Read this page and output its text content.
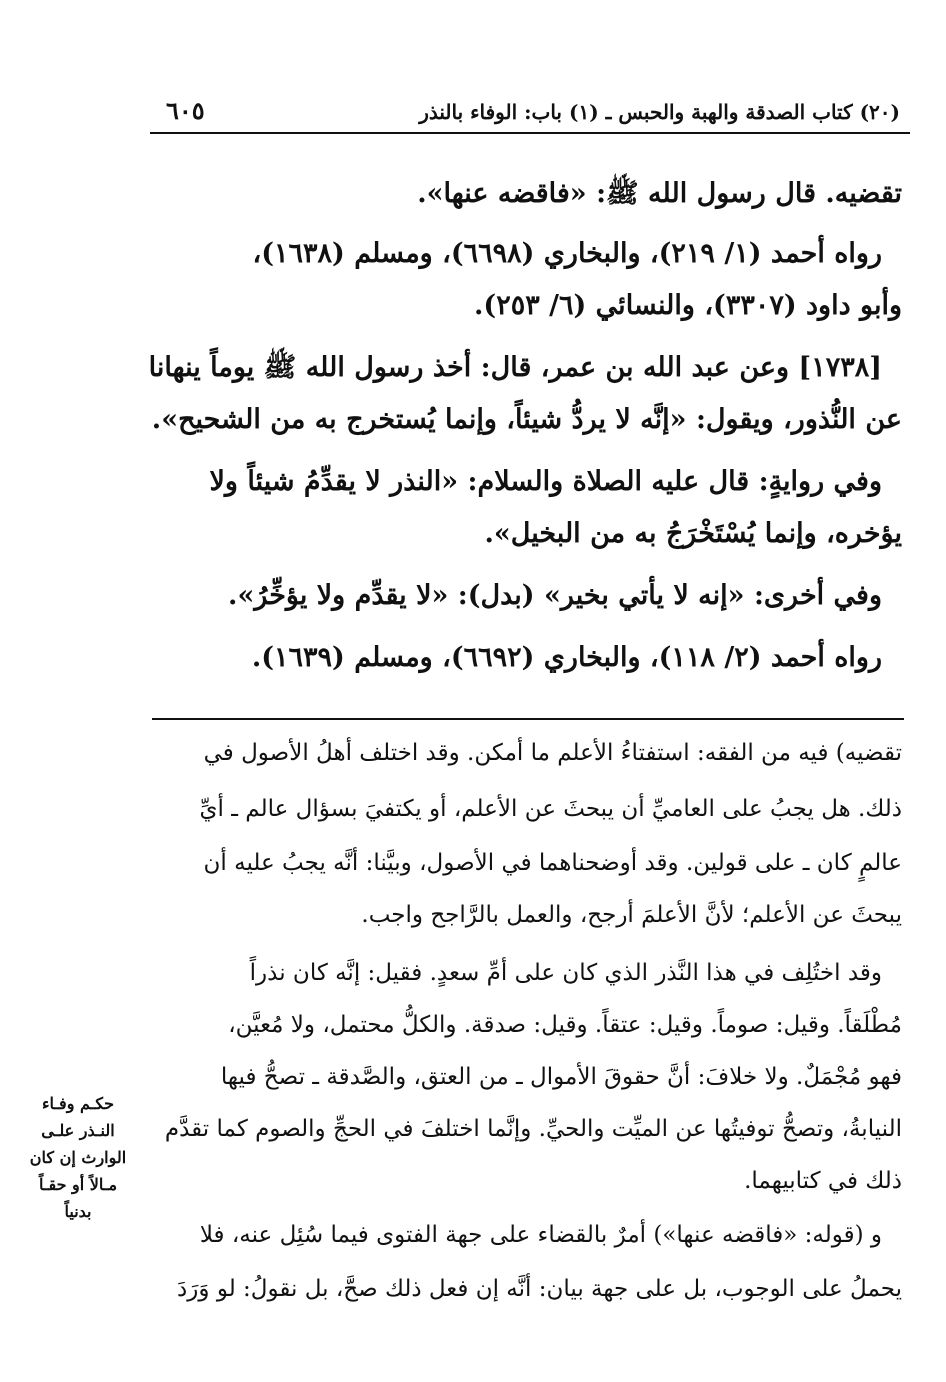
(٢٠) كتاب الصدقة والهبة والحبس ـ (١) باب: الوفاء بالنذر
٦٠٥
تقضيه. قال رسول الله ﷺ: «فاقضه عنها».
رواه أحمد (١/ ٢١٩)، والبخاري (٦٦٩٨)، ومسلم (١٦٣٨)،
وأبو داود (٣٣٠٧)، والنسائي (٦/ ٢٥٣).
[١٧٣٨] وعن عبد الله بن عمر، قال: أخذ رسول الله ﷺ يوماً ينهانا
عن النُّذور، ويقول: «إنَّه لا يردُّ شيئاً، وإنما يُستخرج به من الشحيح».
وفي روايةٍ: قال عليه الصلاة والسلام: «النذر لا يقدِّمُ شيئاً ولا
يؤخره، وإنما يُسْتَخْرَجُ به من البخيل».
وفي أخرى: «إنه لا يأتي بخير» (بدل): «لا يقدِّم ولا يؤخِّرُ».
رواه أحمد (٢/ ١١٨)، والبخاري (٦٦٩٢)، ومسلم (١٦٣٩).
تقضيه) فيه من الفقه: استفتاءُ الأعلم ما أمكن. وقد اختلف أهلُ الأصول في
ذلك. هل يجبُ على العاميِّ أن يبحثَ عن الأعلم، أو يكتفيَ بسؤال عالم ـ أيِّ
عالمٍ كان ـ على قولين. وقد أوضحناهما في الأصول، وبيَّنا: أنَّه يجبُ عليه أن
يبحثَ عن الأعلم؛ لأنَّ الأعلمَ أرجح، والعمل بالرَّاجح واجب.
وقد اختُلِف في هذا النَّذر الذي كان على أمِّ سعدٍ. فقيل: إنَّه كان نذراً
مُطْلَقاً. وقيل: صوماً. وقيل: عتقاً. وقيل: صدقة. والكلُّ محتمل، ولا مُعيَّن،
فهو مُجْمَلٌ. ولا خلافَ: أنَّ حقوقَ الأموال ـ من العتق، والصَّدقة ـ تصحُّ فيها
النيابةُ، وتصحُّ توفيتُها عن الميِّت والحيِّ. وإنَّما اختلفَ في الحجِّ والصوم كما تقدَّم
ذلك في كتابيهما.
و (قوله: «فاقضه عنها») أمرٌ بالقضاء على جهة الفتوى فيما سُئِل عنه، فلا
يحملُ على الوجوب، بل على جهة بيان: أنَّه إن فعل ذلك صحَّ، بل نقولُ: لو وَرَدَ
حكـم وفـاء
النـذر علـى
الوارث إن كان
مـالاً أو حقـاً
بدنياً
